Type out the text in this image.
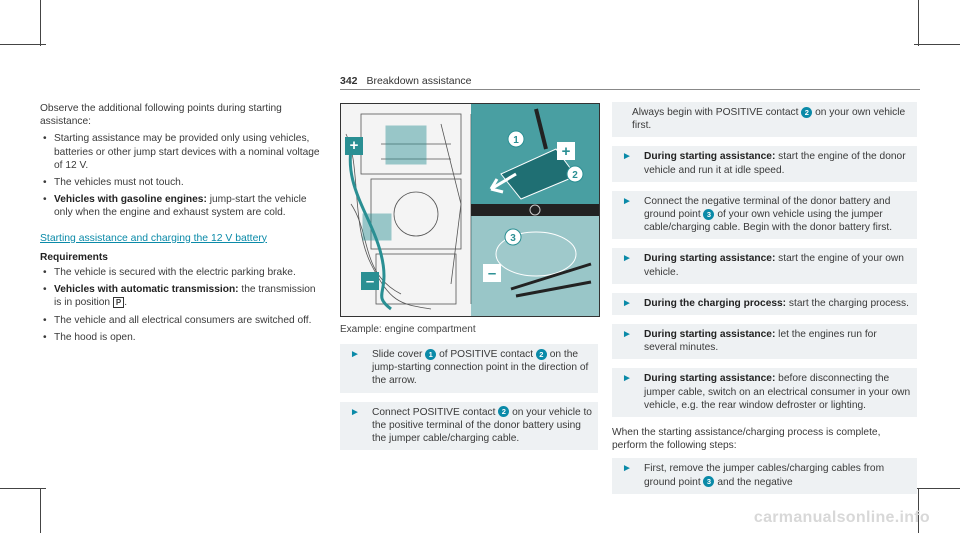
342 Breakdown assistance

Observe the additional following points during starting assistance:

• Starting assistance may be provided only using vehicles, batteries or other jump start devices with a nominal voltage of 12 V.
• The vehicles must not touch.
• Vehicles with gasoline engines: jump-start the vehicle only when the engine and exhaust system are cold.
Starting assistance and charging the 12 V battery
Requirements
• The vehicle is secured with the electric parking brake.
• Vehicles with automatic transmission: the transmission is in position P .
• The vehicle and all electrical consumers are switched off.
• The hood is open.
+
–
1
2
+
3
–
Example: engine compartment
► Slide cover 1 of POSITIVE contact 2 on the jump-starting connection point in the direction of the arrow.
► Connect POSITIVE contact 2 on your vehicle to the positive terminal of the donor battery using the jumper cable/charging cable.
Always begin with POSITIVE contact 2 on your own vehicle first.
► During starting assistance: start the engine of the donor vehicle and run it at idle speed.
► Connect the negative terminal of the donor battery and ground point 3 of your own vehicle using the jumper cable/charging cable. Begin with the donor battery first.
► During starting assistance: start the engine of your own vehicle.
► During the charging process: start the charging process.
► During starting assistance: let the engines run for several minutes.
► During starting assistance: before disconnecting the jumper cable, switch on an electrical consumer in your own vehicle, e.g. the rear window defroster or lighting.

When the starting assistance/charging process is complete, perform the following steps:

► First, remove the jumper cables/charging cables from ground point 3 and the negative
carmanualsonline.info
